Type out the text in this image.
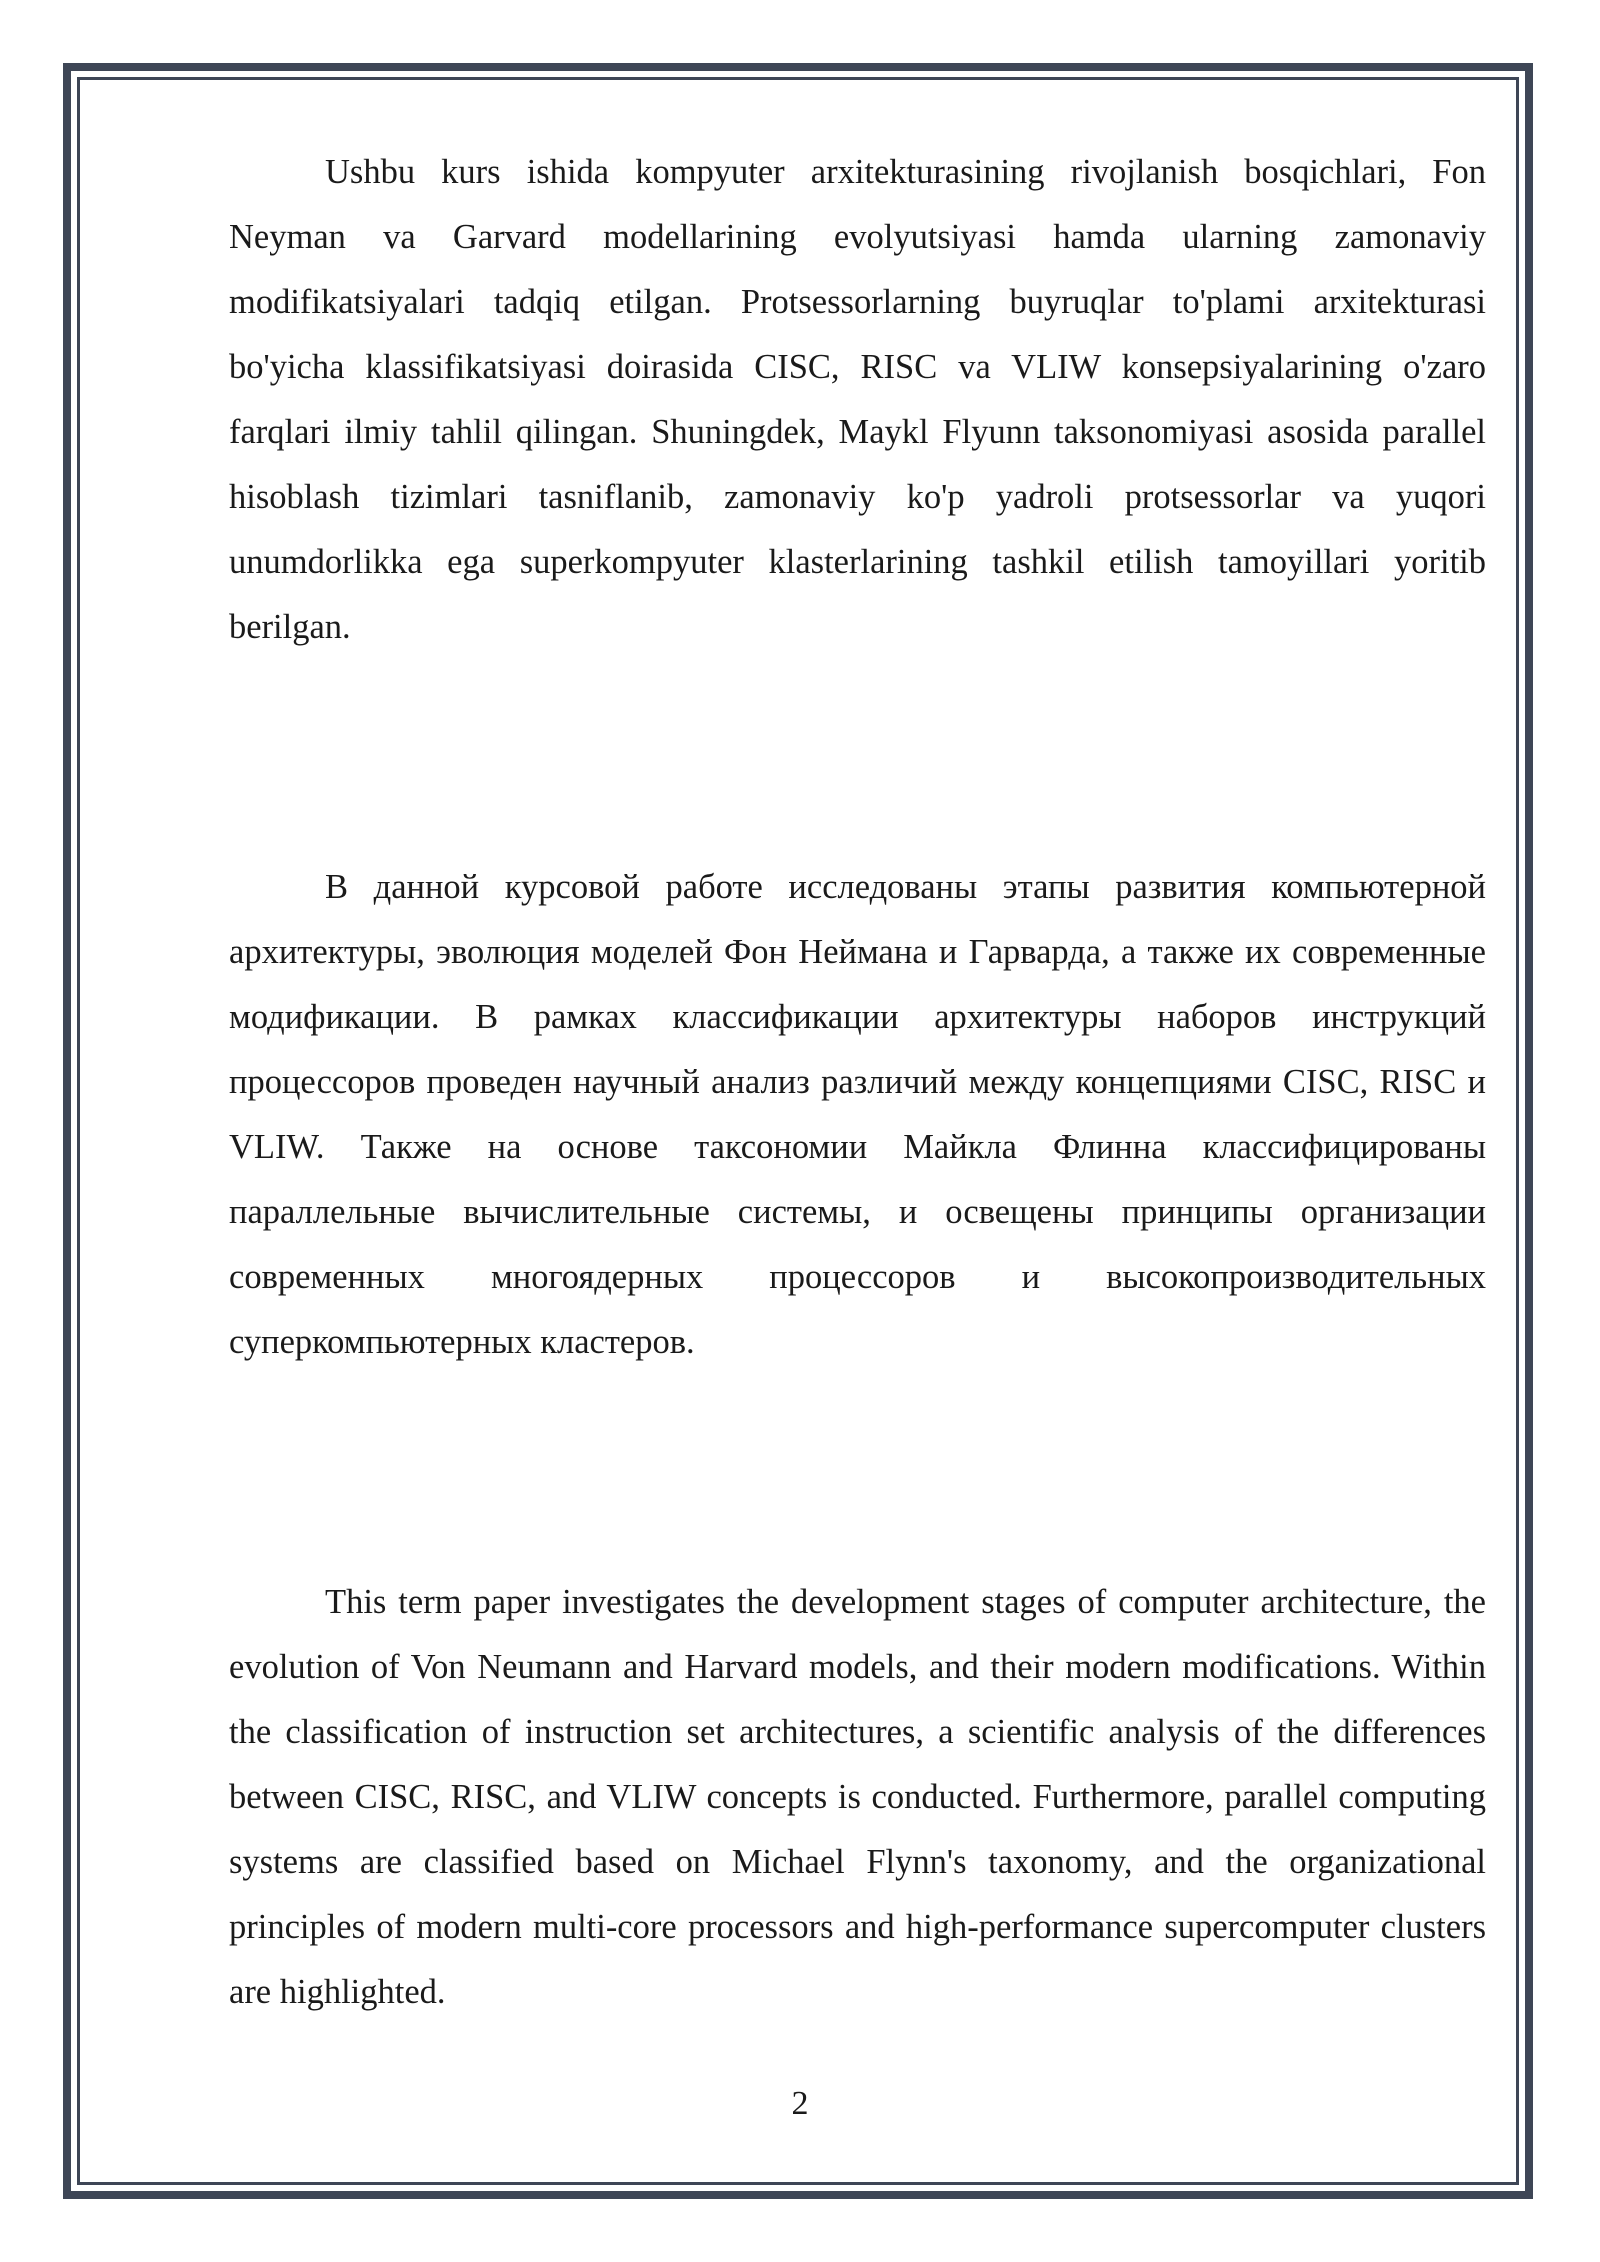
Ushbu kurs ishida kompyuter arxitekturasining rivojlanish bosqichlari, Fon Neyman va Garvard modellarining evolyutsiyasi hamda ularning zamonaviy modifikatsiyalari tadqiq etilgan. Protsessorlarning buyruqlar to'plami arxitekturasi bo'yicha klassifikatsiyasi doirasida CISC, RISC va VLIW konsepsiyalarining o'zaro farqlari ilmiy tahlil qilingan. Shuningdek, Maykl Flyunn taksonomiyasi asosida parallel hisoblash tizimlari tasniflanib, zamonaviy ko'p yadroli protsessorlar va yuqori unumdorlikka ega superkompyuter klasterlarining tashkil etilish tamoyillari yoritib berilgan.

В данной курсовой работе исследованы этапы развития компьютерной архитектуры, эволюция моделей Фон Неймана и Гарварда, а также их современные модификации. В рамках классификации архитектуры наборов инструкций процессоров проведен научный анализ различий между концепциями CISC, RISC и VLIW. Также на основе таксономии Майкла Флинна классифицированы параллельные вычислительные системы, и освещены принципы организации современных многоядерных процессоров и высокопроизводительных суперкомпьютерных кластеров.

This term paper investigates the development stages of computer architecture, the evolution of Von Neumann and Harvard models, and their modern modifications. Within the classification of instruction set architectures, a scientific analysis of the differences between CISC, RISC, and VLIW concepts is conducted. Furthermore, parallel computing systems are classified based on Michael Flynn's taxonomy, and the organizational principles of modern multi-core processors and high-performance supercomputer clusters are highlighted.

2
